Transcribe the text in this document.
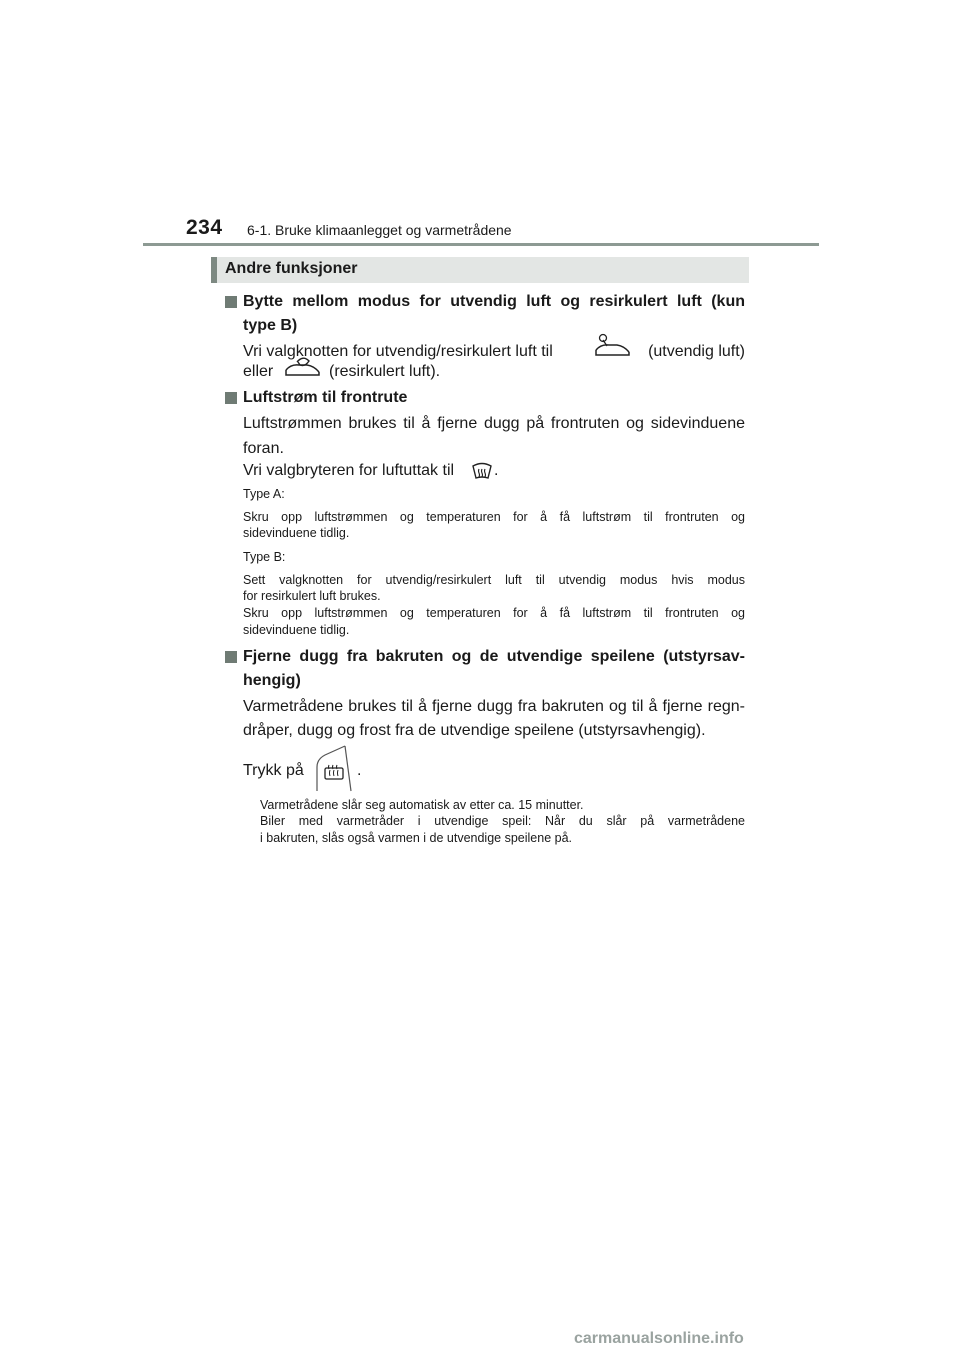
234 6-1. Bruke klimaanlegget og varmetrådene
Andre funksjoner
Bytte mellom modus for utvendig luft og resirkulert luft (kun
type B)
Vri valgknotten for utvendig/resirkulert luft til	(utvendig luft)
eller	(resirkulert luft).
Luftstrøm til frontrute
Luftstrømmen brukes til å fjerne dugg på frontruten og sidevinduene
foran.
Vri valgbryteren for luftuttak til .
Type A:
Skru opp luftstrømmen og temperaturen for å få luftstrøm til frontruten og
sidevinduene tidlig.
Type B:
Sett valgknotten for utvendig/resirkulert luft til utvendig modus hvis modus
for resirkulert luft brukes.
Skru opp luftstrømmen og temperaturen for å få luftstrøm til frontruten og
sidevinduene tidlig.
Fjerne dugg fra bakruten og de utvendige speilene (utstyrsav-
hengig)
Varmetrådene brukes til å fjerne dugg fra bakruten og til å fjerne regn-
dråper, dugg og frost fra de utvendige speilene (utstyrsavhengig).
Trykk på	.
Varmetrådene slår seg automatisk av etter ca. 15 minutter.
Biler med varmetråder i utvendige speil: Når du slår på varmetrådene
i bakruten, slås også varmen i de utvendige speilene på.
carmanualsonline.info
